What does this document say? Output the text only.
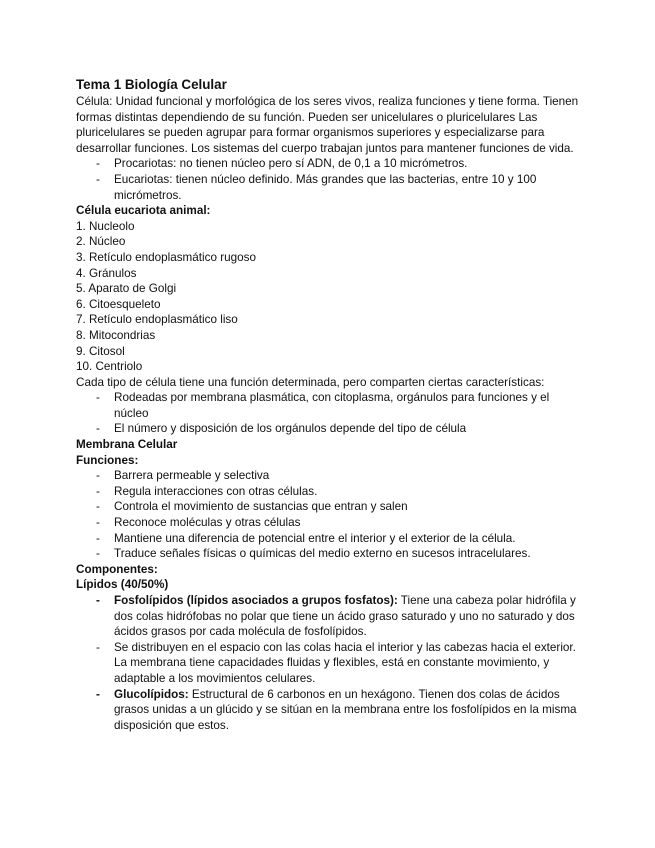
Tema 1 Biología Celular

Célula: Unidad funcional y morfológica de los seres vivos, realiza funciones y tiene forma. Tienen formas distintas dependiendo de su función. Pueden ser unicelulares o pluricelulares Las pluricelulares se pueden agrupar para formar organismos superiores y especializarse para desarrollar funciones. Los sistemas del cuerpo trabajan juntos para mantener funciones de vida.

- Procariotas: no tienen núcleo pero sí ADN, de 0,1 a 10 micrómetros.
- Eucariotas: tienen núcleo definido. Más grandes que las bacterias, entre 10 y 100 micrómetros.
Célula eucariota animal:
1. Nucleolo
2. Núcleo
3. Retículo endoplasmático rugoso
4. Gránulos
5. Aparato de Golgi
6. Citoesqueleto
7. Retículo endoplasmático liso
8. Mitocondrias
9. Citosol
10. Centriolo

Cada tipo de célula tiene una función determinada, pero comparten ciertas características:

- Rodeadas por membrana plasmática, con citoplasma, orgánulos para funciones y el núcleo
- El número y disposición de los orgánulos depende del tipo de célula
Membrana Celular
Funciones:
- Barrera permeable y selectiva
- Regula interacciones con otras células.
- Controla el movimiento de sustancias que entran y salen
- Reconoce moléculas y otras células
- Mantiene una diferencia de potencial entre el interior y el exterior de la célula.
- Traduce señales físicas o químicas del medio externo en sucesos intracelulares.
Componentes:
Lípidos (40/50%)
- Fosfolípidos (lípidos asociados a grupos fosfatos): Tiene una cabeza polar hidrófila y dos colas hidrófobas no polar que tiene un ácido graso saturado y uno no saturado y dos ácidos grasos por cada molécula de fosfolípidos.
- Se distribuyen en el espacio con las colas hacia el interior y las cabezas hacia el exterior. La membrana tiene capacidades fluidas y flexibles, está en constante movimiento, y adaptable a los movimientos celulares.
- Glucolípidos: Estructural de 6 carbonos en un hexágono. Tienen dos colas de ácidos grasos unidas a un glúcido y se sitúan en la membrana entre los fosfolípidos en la misma disposición que estos.
